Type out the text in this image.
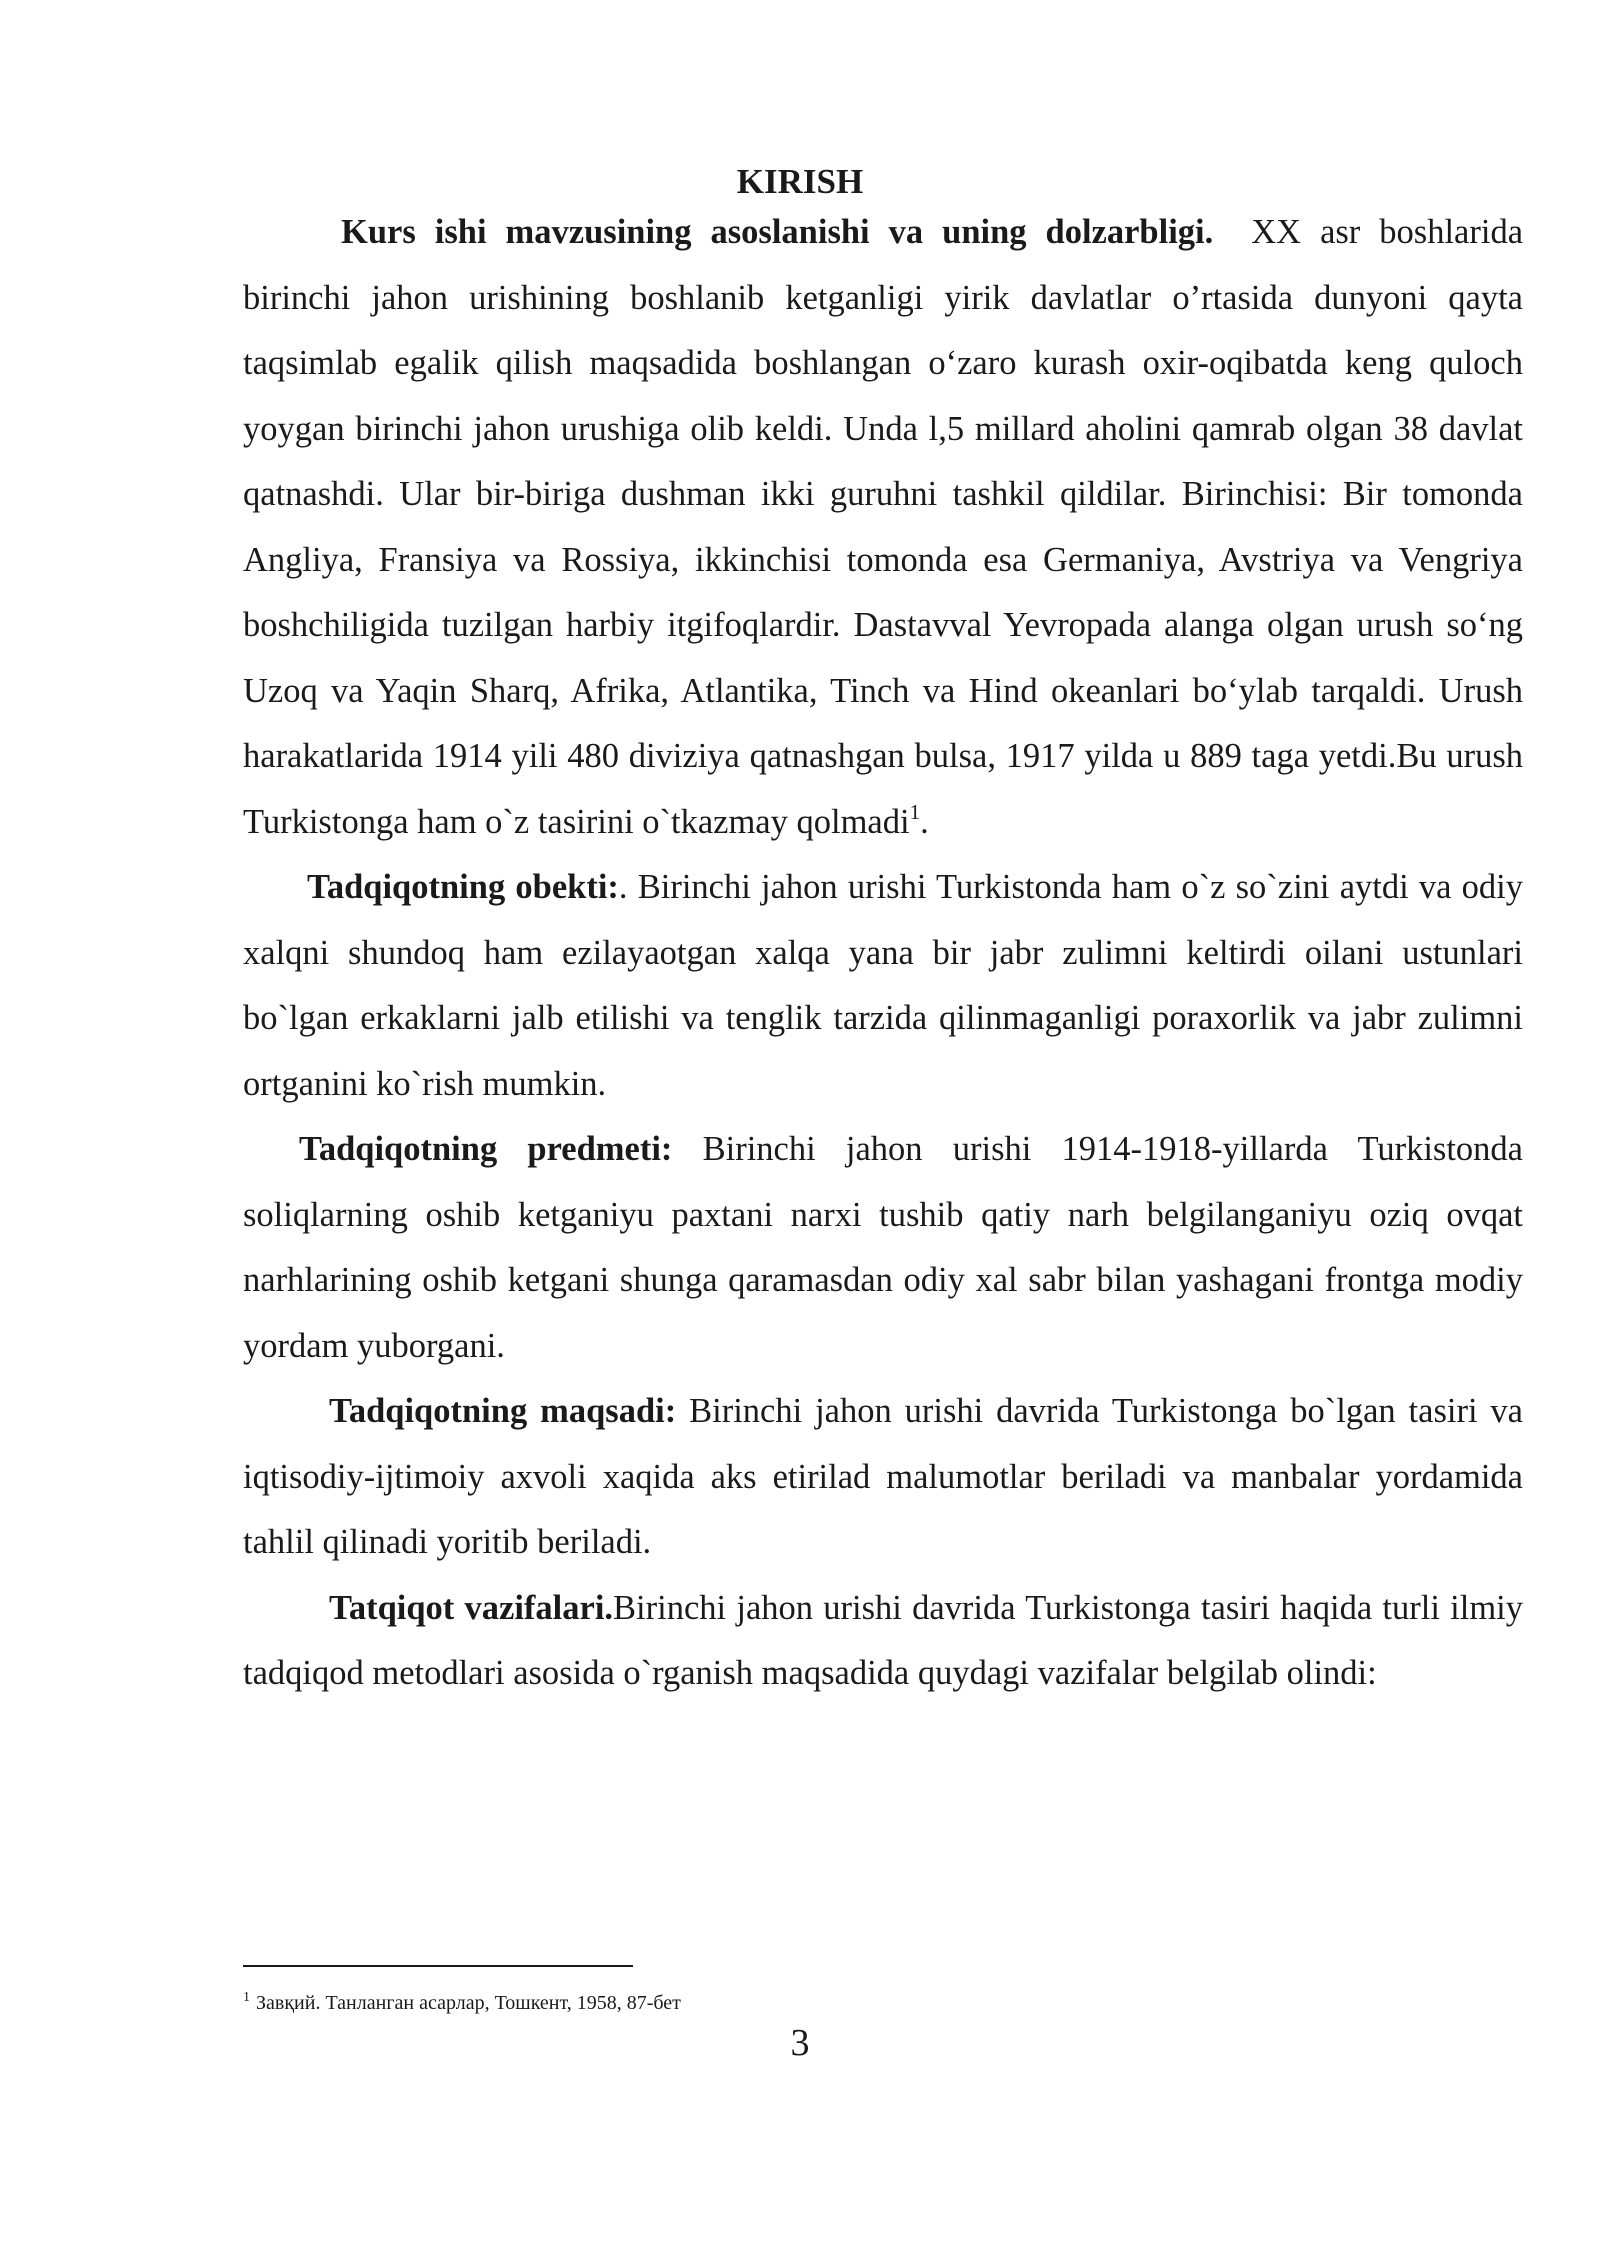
KIRISH

Kurs ishi mavzusining asoslanishi va uning dolzarbligi. XX asr boshlarida birinchi jahon urishining boshlanib ketganligi yirik davlatlar o’rtasida dunyoni qayta taqsimlab egalik qilish maqsadida boshlangan o‘zaro kurash oxir-oqibatda keng quloch yoygan birinchi jahon urushiga olib keldi. Unda l,5 millard aholini qamrab olgan 38 davlat qatnashdi. Ular bir-biriga dushman ikki guruhni tashkil qildilar. Birinchisi: Bir tomonda Angliya, Fransiya va Rossiya, ikkinchisi tomonda esa Germaniya, Avstriya va Vengriya boshchiligida tuzilgan harbiy itgifoqlardir. Dastavval Yevropada alanga olgan urush so‘ng Uzoq va Yaqin Sharq, Afrika, Atlantika, Tinch va Hind okeanlari bo‘ylab tarqaldi. Urush harakatlarida 1914 yili 480 diviziya qatnashgan bulsa, 1917 yilda u 889 taga yetdi.Bu urush Turkistonga ham o`z tasirini o`tkazmay qolmadi$^1$.

Tadqiqotning obekti:. Birinchi jahon urishi Turkistonda ham o`z so`zini aytdi va odiy xalqni shundoq ham ezilayaotgan xalqa yana bir jabr zulimni keltirdi oilani ustunlari bo`lgan erkaklarni jalb etilishi va tenglik tarzida qilinmaganligi poraxorlik va jabr zulimni ortganini ko`rish mumkin.

Tadqiqotning predmeti: Birinchi jahon urishi 1914-1918-yillarda Turkistonda soliqlarning oshib ketganiyu paxtani narxi tushib qatiy narh belgilanganiyu oziq ovqat narhlarining oshib ketgani shunga qaramasdan odiy xal sabr bilan yashagani frontga modiy yordam yuborgani.

Tadqiqotning maqsadi: Birinchi jahon urishi davrida Turkistonga bo`lgan tasiri va iqtisodiy-ijtimoiy axvoli xaqida aks etirilad malumotlar beriladi va manbalar yordamida tahlil qilinadi yoritib beriladi.

Tatqiqot vazifalari.Birinchi jahon urishi davrida Turkistonga tasiri haqida turli ilmiy tadqiqod metodlari asosida o`rganish maqsadida quydagi vazifalar belgilab olindi:

$^1$ Завқий. Танланган асарлар, Тошкент, 1958, 87-бет
3
